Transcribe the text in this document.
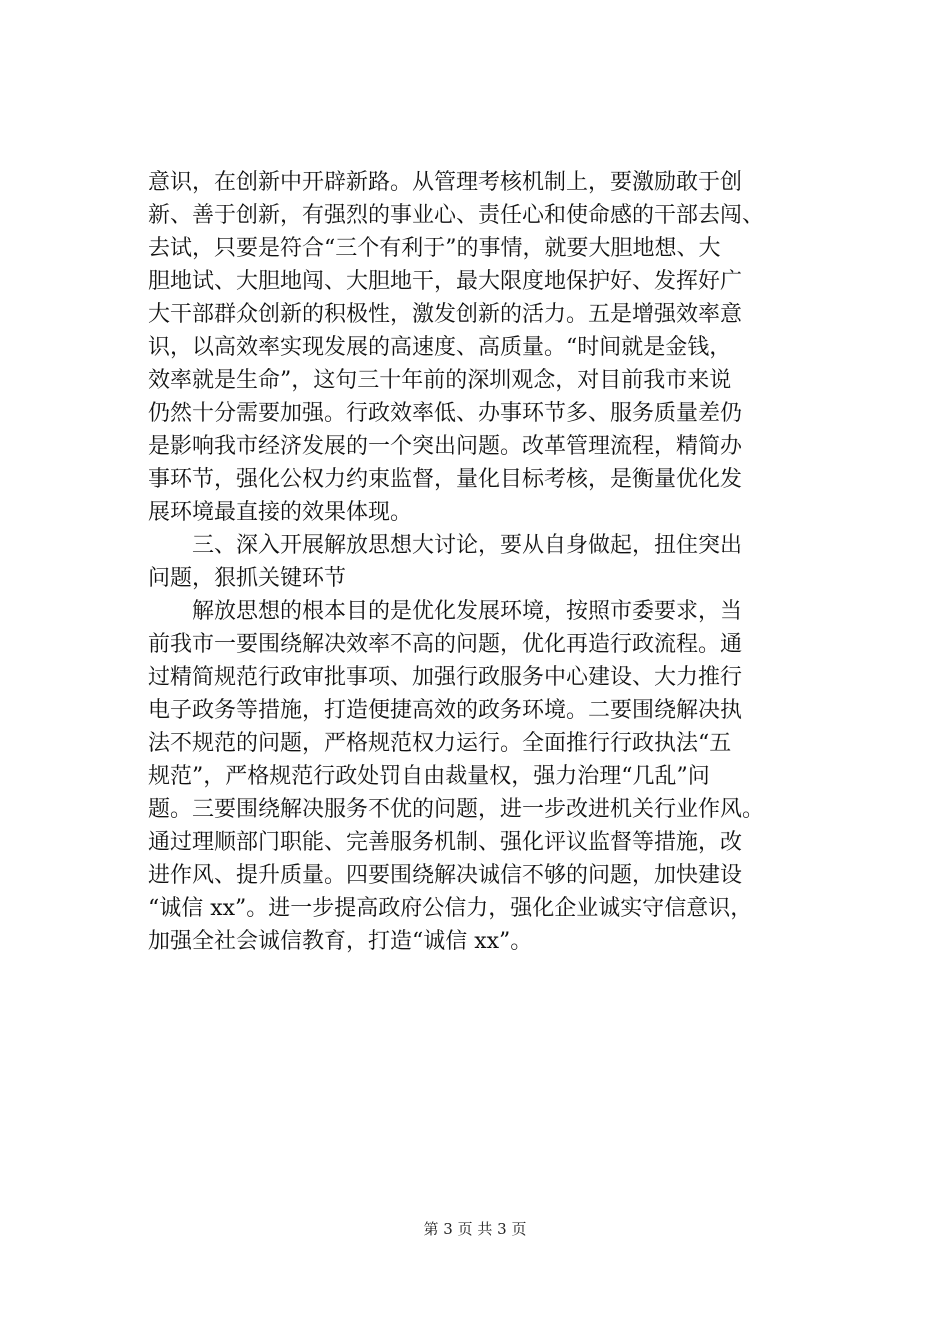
意识，在创新中开辟新路。从管理考核机制上，要激励敢于创
新、善于创新，有强烈的事业心、责任心和使命感的干部去闯、
去试，只要是符合“三个有利于”的事情，就要大胆地想、大
胆地试、大胆地闯、大胆地干，最大限度地保护好、发挥好广
大干部群众创新的积极性，激发创新的活力。五是增强效率意
识，以高效率实现发展的高速度、高质量。“时间就是金钱，
效率就是生命”，这句三十年前的深圳观念，对目前我市来说
仍然十分需要加强。行政效率低、办事环节多、服务质量差仍
是影响我市经济发展的一个突出问题。改革管理流程，精简办
事环节，强化公权力约束监督，量化目标考核，是衡量优化发
展环境最直接的效果体现。
三、深入开展解放思想大讨论，要从自身做起，扭住突出
问题，狠抓关键环节
解放思想的根本目的是优化发展环境，按照市委要求，当
前我市一要围绕解决效率不高的问题，优化再造行政流程。通
过精简规范行政审批事项、加强行政服务中心建设、大力推行
电子政务等措施，打造便捷高效的政务环境。二要围绕解决执
法不规范的问题，严格规范权力运行。全面推行行政执法“五
规范”，严格规范行政处罚自由裁量权，强力治理“几乱”问
题。三要围绕解决服务不优的问题，进一步改进机关行业作风。
通过理顺部门职能、完善服务机制、强化评议监督等措施，改
进作风、提升质量。四要围绕解决诚信不够的问题，加快建设
“诚信 xx”。进一步提高政府公信力，强化企业诚实守信意识，
加强全社会诚信教育，打造“诚信 xx”。
第 3 页 共 3 页
